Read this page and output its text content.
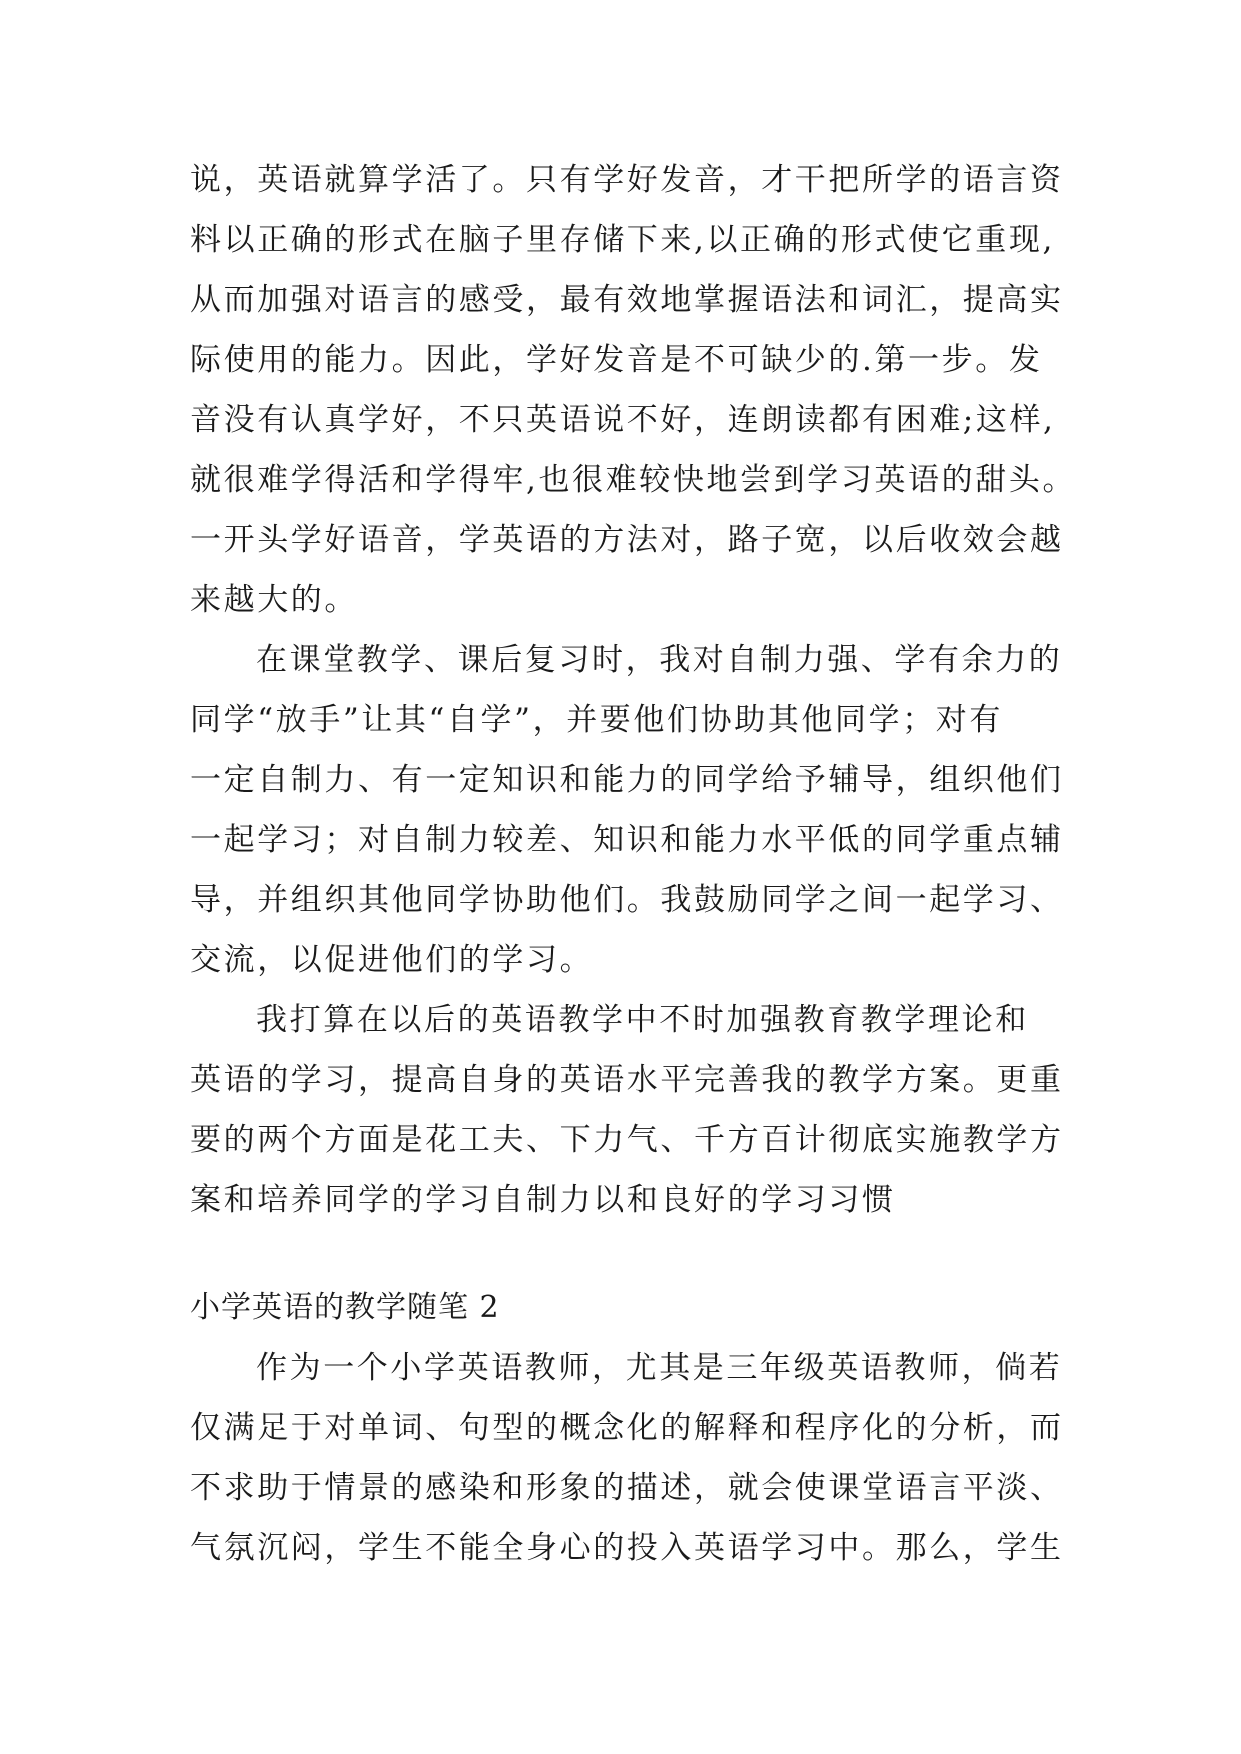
说，英语就算学活了。只有学好发音，才干把所学的语言资
料以正确的形式在脑子里存储下来,以正确的形式使它重现,
从而加强对语言的感受，最有效地掌握语法和词汇，提高实
际使用的能力。因此，学好发音是不可缺少的.第一步。发
音没有认真学好，不只英语说不好，连朗读都有困难;这样,
就很难学得活和学得牢,也很难较快地尝到学习英语的甜头。
一开头学好语音，学英语的方法对，路子宽，以后收效会越
来越大的。
在课堂教学、课后复习时，我对自制力强、学有余力的
同学“放手”让其“自学”，并要他们协助其他同学；对有
一定自制力、有一定知识和能力的同学给予辅导，组织他们
一起学习；对自制力较差、知识和能力水平低的同学重点辅
导，并组织其他同学协助他们。我鼓励同学之间一起学习、
交流，以促进他们的学习。
我打算在以后的英语教学中不时加强教育教学理论和
英语的学习，提高自身的英语水平完善我的教学方案。更重
要的两个方面是花工夫、下力气、千方百计彻底实施教学方
案和培养同学的学习自制力以和良好的学习习惯
小学英语的教学随笔 2
作为一个小学英语教师，尤其是三年级英语教师，倘若
仅满足于对单词、句型的概念化的解释和程序化的分析，而
不求助于情景的感染和形象的描述，就会使课堂语言平淡、
气氛沉闷，学生不能全身心的投入英语学习中。那么，学生
